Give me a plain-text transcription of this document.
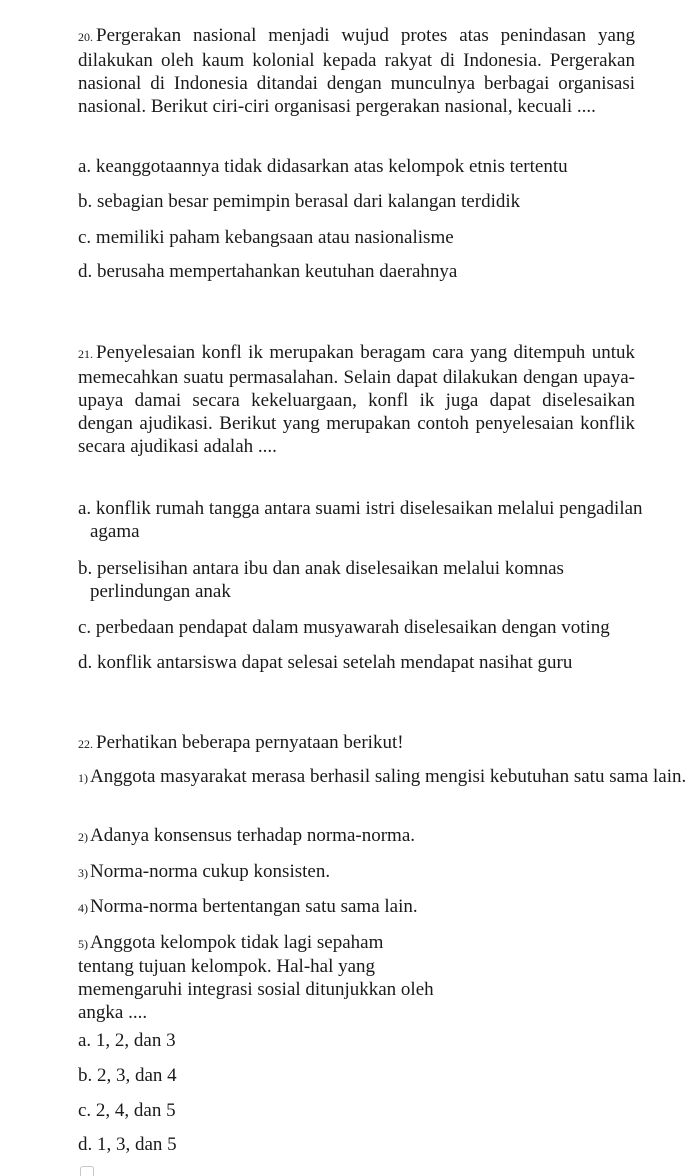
20. Pergerakan nasional menjadi wujud protes atas penindasan yang dilakukan oleh kaum kolonial kepada rakyat di Indonesia. Pergerakan nasional di Indonesia ditandai dengan munculnya berbagai organisasi nasional. Berikut ciri-ciri organisasi pergerakan nasional, kecuali ....
a. keanggotaannya tidak didasarkan atas kelompok etnis tertentu
b. sebagian besar pemimpin berasal dari kalangan terdidik
c. memiliki paham kebangsaan atau nasionalisme
d. berusaha mempertahankan keutuhan daerahnya
21. Penyelesaian konfl ik merupakan beragam cara yang ditempuh untuk memecahkan suatu permasalahan. Selain dapat dilakukan dengan upaya-upaya damai secara kekeluargaan, konfl ik juga dapat diselesaikan dengan ajudikasi. Berikut yang merupakan contoh penyelesaian konflik secara ajudikasi adalah ....
a. konflik rumah tangga antara suami istri diselesaikan melalui pengadilan agama
b. perselisihan antara ibu dan anak diselesaikan melalui komnas perlindungan anak
c. perbedaan pendapat dalam musyawarah diselesaikan dengan voting
d. konflik antarsiswa dapat selesai setelah mendapat nasihat guru
22. Perhatikan beberapa pernyataan berikut!
1) Anggota masyarakat merasa berhasil saling mengisi kebutuhan satu sama lain.
2) Adanya konsensus terhadap norma-norma.
3) Norma-norma cukup konsisten.
4) Norma-norma bertentangan satu sama lain.
5) Anggota kelompok tidak lagi sepaham
tentang tujuan kelompok. Hal-hal yang memengaruhi integrasi sosial ditunjukkan oleh angka ....
a. 1, 2, dan 3
b. 2, 3, dan 4
c. 2, 4, dan 5
d. 1, 3, dan 5
